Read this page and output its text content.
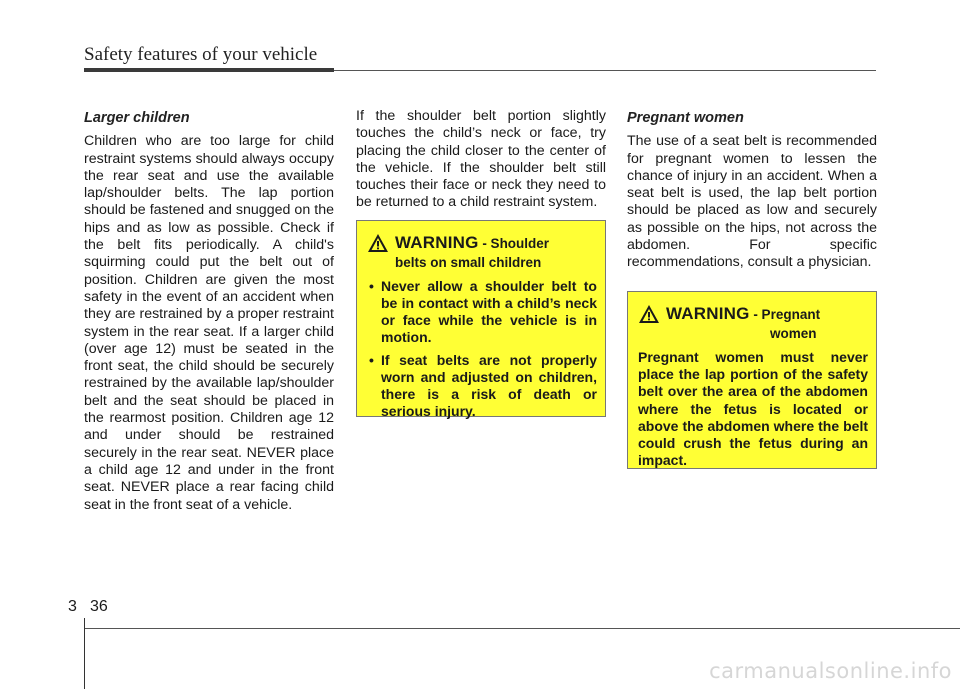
Safety features of your vehicle
Larger children

Children who are too large for child restraint systems should always occupy the rear seat and use the available lap/shoulder belts. The lap portion should be fastened and snugged on the hips and as low as possible. Check if the belt fits periodically. A child's squirming could put the belt out of position. Children are given the most safety in the event of an accident when they are restrained by a proper restraint system in the rear seat. If a larger child (over age 12) must be seated in the front seat, the child should be securely restrained by the available lap/shoulder belt and the seat should be placed in the rearmost position. Children age 12 and under should be restrained securely in the rear seat. NEVER place a child age 12 and under in the front seat. NEVER place a rear facing child seat in the front seat of a vehicle.

If the shoulder belt portion slightly touches the child’s neck or face, try placing the child closer to the center of the vehicle. If the shoulder belt still touches their face or neck they need to be returned to a child restraint system.

WARNING - Shoulder
belts on small children
• Never allow a shoulder belt to be in contact with a child’s neck or face while the vehicle is in motion.
• If seat belts are not properly worn and adjusted on children, there is a risk of death or serious injury.
Pregnant women

The use of a seat belt is recommended for pregnant women to lessen the chance of injury in an accident. When a seat belt is used, the lap belt portion should be placed as low and securely as possible on the hips, not across the abdomen. For specific recommendations, consult a physician.

WARNING - Pregnant
women

Pregnant women must never place the lap portion of the safety belt over the area of the abdomen where the fetus is located or above the abdomen where the belt could crush the fetus during an impact.

3 36
carmanualsonline.info
